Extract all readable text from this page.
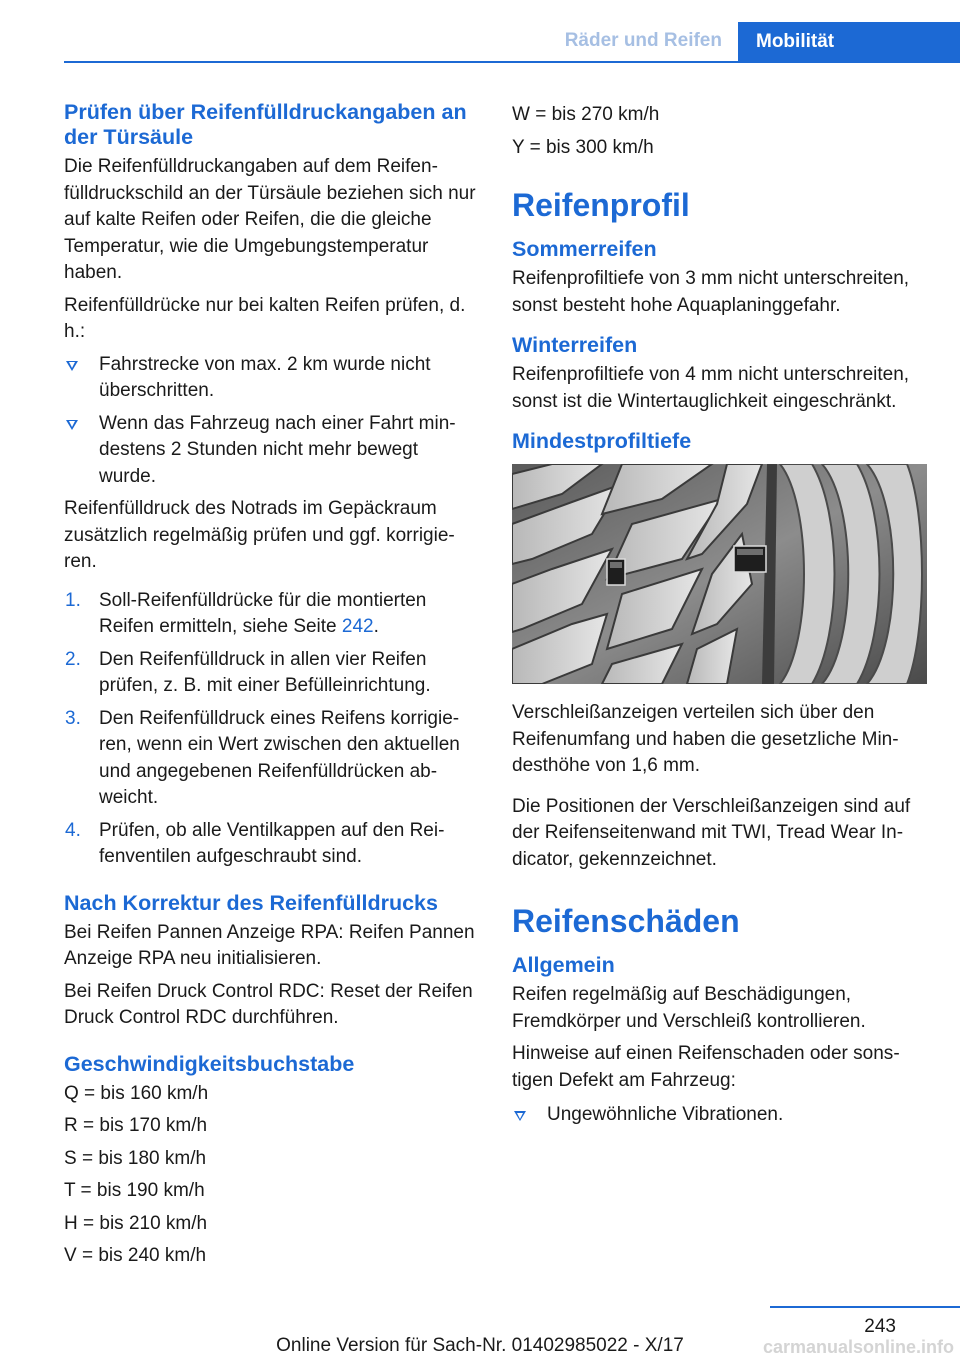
Räder und Reifen Mobilität
Prüfen über Reifenfülldruckangaben an der Türsäule

Die Reifenfülldruckangaben auf dem Reifenfülldruckschild an der Türsäule beziehen sich nur auf kalte Reifen oder Reifen, die die gleiche Temperatur, wie die Umgebungstemperatur haben.

Reifenfülldrücke nur bei kalten Reifen prüfen, d. h.:

Fahrstrecke von max. 2 km wurde nicht überschritten.
Wenn das Fahrzeug nach einer Fahrt mindestens 2 Stunden nicht mehr bewegt wurde.

Reifenfülldruck des Notrads im Gepäckraum zusätzlich regelmäßig prüfen und ggf. korrigieren.

1. Soll-Reifenfülldrücke für die montierten Reifen ermitteln, siehe Seite 242.
2. Den Reifenfülldruck in allen vier Reifen prüfen, z. B. mit einer Befülleinrichtung.
3. Den Reifenfülldruck eines Reifens korrigieren, wenn ein Wert zwischen den aktuellen und angegebenen Reifenfülldrücken abweicht.
4. Prüfen, ob alle Ventilkappen auf den Reifenventilen aufgeschraubt sind.
Nach Korrektur des Reifenfülldrucks

Bei Reifen Pannen Anzeige RPA: Reifen Pannen Anzeige RPA neu initialisieren.

Bei Reifen Druck Control RDC: Reset der Reifen Druck Control RDC durchführen.

Geschwindigkeitsbuchstabe

Q = bis 160 km/h

R = bis 170 km/h

S = bis 180 km/h

T = bis 190 km/h

H = bis 210 km/h

V = bis 240 km/h

W = bis 270 km/h

Y = bis 300 km/h

Reifenprofil
Sommerreifen

Reifenprofiltiefe von 3 mm nicht unterschreiten, sonst besteht hohe Aquaplaninggefahr.

Winterreifen

Reifenprofiltiefe von 4 mm nicht unterschreiten, sonst ist die Wintertauglichkeit eingeschränkt.

Mindestprofiltiefe

Verschleißanzeigen verteilen sich über den Reifenumfang und haben die gesetzliche Mindesthöhe von 1,6 mm.

Die Positionen der Verschleißanzeigen sind auf der Reifenseitenwand mit TWI, Tread Wear Indicator, gekennzeichnet.

Reifenschäden
Allgemein

Reifen regelmäßig auf Beschädigungen, Fremdkörper und Verschleiß kontrollieren.

Hinweise auf einen Reifenschaden oder sonstigen Defekt am Fahrzeug:

Ungewöhnliche Vibrationen.
243
Online Version für Sach-Nr. 01402985022 - X/17	carmanualsonline.info
